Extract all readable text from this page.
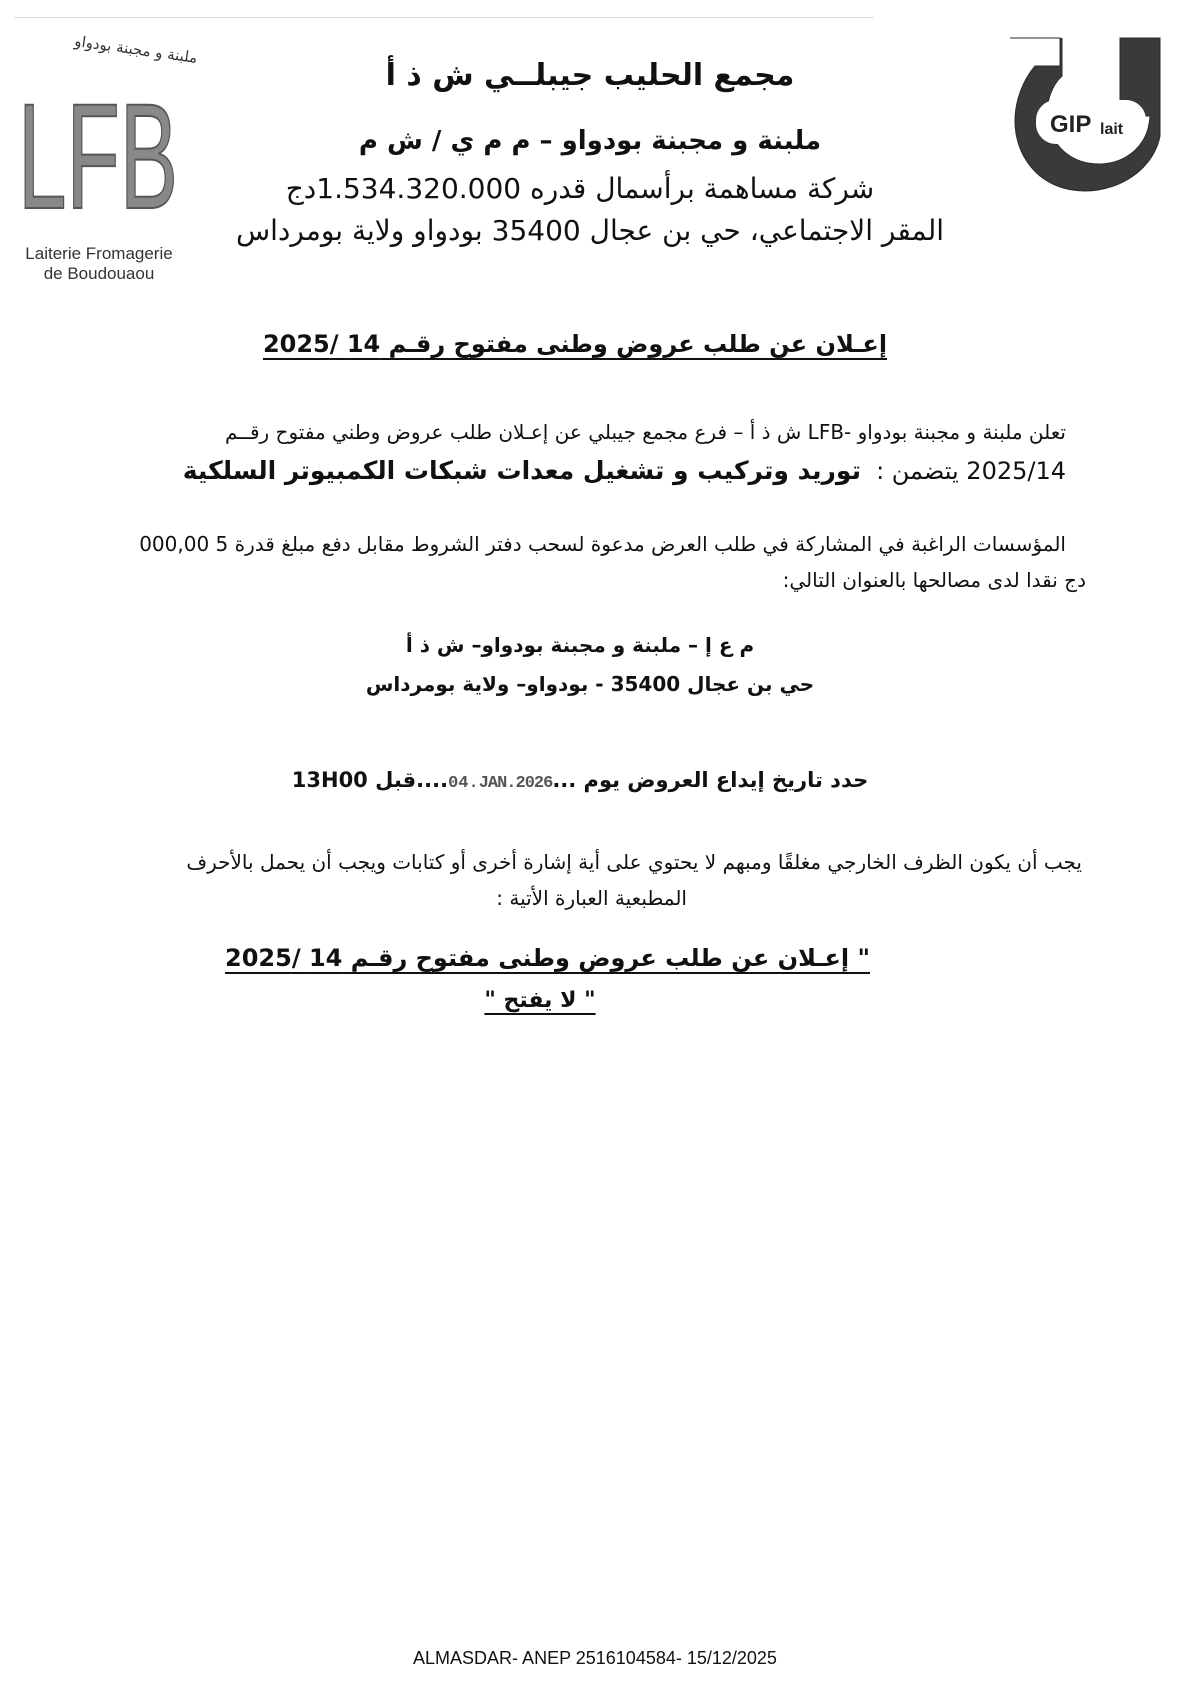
ملبنة و مجبنة بودواو
LFB
Laiterie Fromagerie
de Boudouaou
GIP lait
مجمع الحليب جيبلــي ش ذ أ
ملبنة و مجبنة بودواو – م م ي / ش م
شركة مساهمة برأسمال قدره 1.534.320.000دج
المقر الاجتماعي، حي بن عجال 35400 بودواو ولاية بومرداس
إعـلان عن طلب عروض وطنى مفتوح رقـم 14 /2025
تعلن ملبنة و مجبنة بودواو -LFB ش ذ أ – فرع مجمع جيبلي عن إعـلان طلب عروض وطني مفتوح رقــم
2025/14 يتضمن : توريد وتركيب و تشغيل معدات شبكات الكمبيوتر السلكية
المؤسسات الراغبة في المشاركة في طلب العرض مدعوة لسحب دفتر الشروط مقابل دفع مبلغ قدرة 5 000,00
دج نقدا لدى مصالحها بالعنوان التالي:
م ع إ – ملبنة و مجبنة بودواو– ش ذ أ
حي بن عجال 35400 - بودواو– ولاية بومرداس
حدد تاريخ إيداع العروض يوم ...04.JAN.2026....قبل 13H00
يجب أن يكون الظرف الخارجي مغلقًا ومبهم لا يحتوي على أية إشارة أخرى أو كتابات ويجب أن يحمل بالأحرف
المطبعية العبارة الأتية :
" إعـلان عن طلب عروض وطنى مفتوح رقـم 14 /2025
" لا يفتح "
ALMASDAR- ANEP 2516104584- 15/12/2025
